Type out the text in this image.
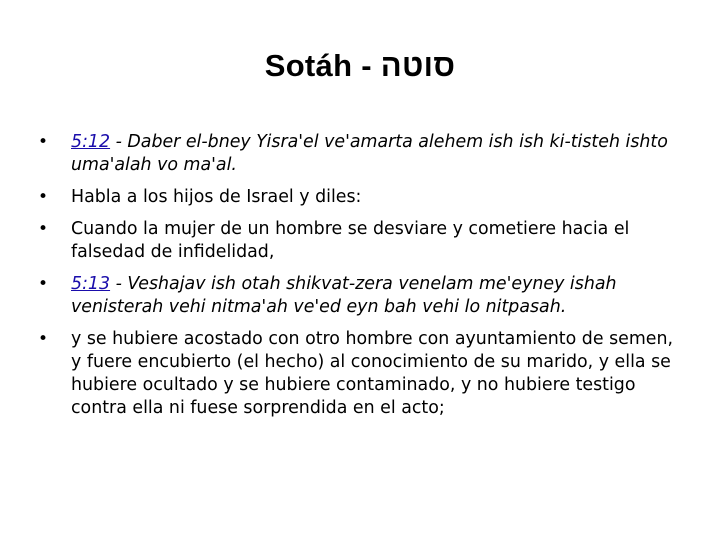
Sotáh - סוטה
• 5:12 - Daber el-bney Yisra'el ve'amarta alehem ish ish ki-tisteh ishto uma'alah vo ma'al.
• Habla a los hijos de Israel y diles:
• Cuando la mujer de un hombre se desviare y cometiere hacia el falsedad de infidelidad,
• 5:13 - Veshajav ish otah shikvat-zera venelam me'eyney ishah venisterah vehi nitma'ah ve'ed eyn bah vehi lo nitpasah.
• y se hubiere acostado con otro hombre con ayuntamiento de semen, y fuere encubierto (el hecho) al conocimiento de su marido, y ella se hubiere ocultado y se hubiere contaminado, y no hubiere testigo contra ella ni fuese sorprendida en el acto;
